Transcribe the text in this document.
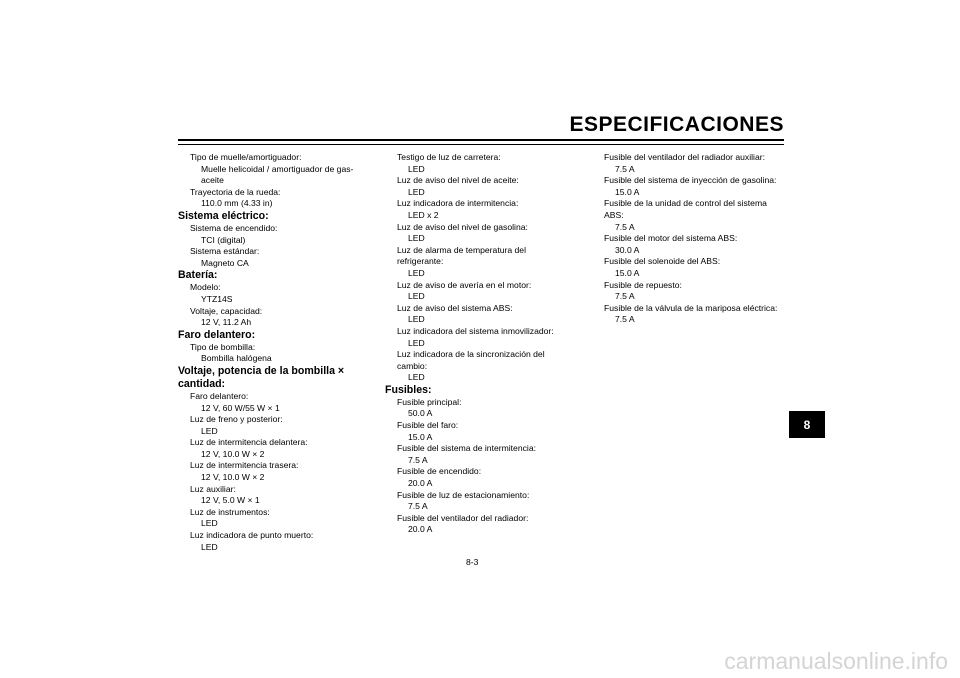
ESPECIFICACIONES
Tipo de muelle/amortiguador:
Muelle helicoidal / amortiguador de gas-
aceite
Trayectoria de la rueda:
110.0 mm (4.33 in)
Sistema eléctrico:
Sistema de encendido:
TCI (digital)
Sistema estándar:
Magneto CA
Batería:
Modelo:
YTZ14S
Voltaje, capacidad:
12 V, 11.2 Ah
Faro delantero:
Tipo de bombilla:
Bombilla halógena
Voltaje, potencia de la bombilla ×
cantidad:
Faro delantero:
12 V, 60 W/55 W × 1
Luz de freno y posterior:
LED
Luz de intermitencia delantera:
12 V, 10.0 W × 2
Luz de intermitencia trasera:
12 V, 10.0 W × 2
Luz auxiliar:
12 V, 5.0 W × 1
Luz de instrumentos:
LED
Luz indicadora de punto muerto:
LED
Testigo de luz de carretera:
LED
Luz de aviso del nivel de aceite:
LED
Luz indicadora de intermitencia:
LED x 2
Luz de aviso del nivel de gasolina:
LED
Luz de alarma de temperatura del
refrigerante:
LED
Luz de aviso de avería en el motor:
LED
Luz de aviso del sistema ABS:
LED
Luz indicadora del sistema inmovilizador:
LED
Luz indicadora de la sincronización del
cambio:
LED
Fusibles:
Fusible principal:
50.0 A
Fusible del faro:
15.0 A
Fusible del sistema de intermitencia:
7.5 A
Fusible de encendido:
20.0 A
Fusible de luz de estacionamiento:
7.5 A
Fusible del ventilador del radiador:
20.0 A
Fusible del ventilador del radiador auxiliar:
7.5 A
Fusible del sistema de inyección de gasolina:
15.0 A
Fusible de la unidad de control del sistema
ABS:
7.5 A
Fusible del motor del sistema ABS:
30.0 A
Fusible del solenoide del ABS:
15.0 A
Fusible de repuesto:
7.5 A
Fusible de la válvula de la mariposa eléctrica:
7.5 A
8
8-3
carmanualsonline.info
